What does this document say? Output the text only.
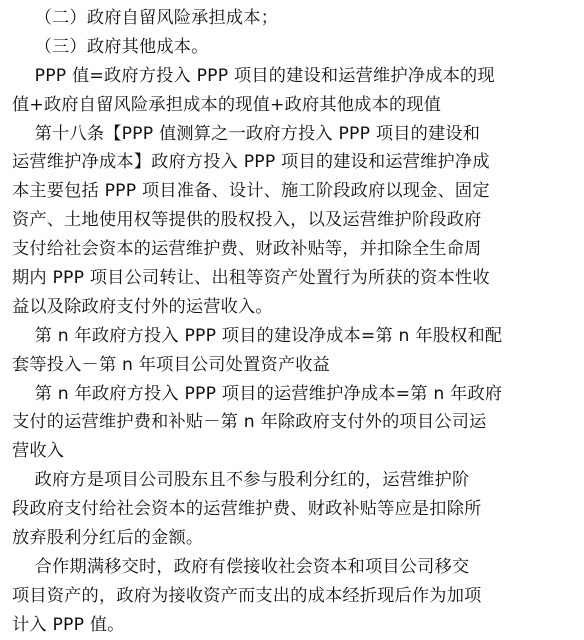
（二）政府自留风险承担成本；
（三）政府其他成本。
PPP 值=政府方投入 PPP 项目的建设和运营维护净成本的现
值+政府自留风险承担成本的现值+政府其他成本的现值
第十八条【PPP 值测算之一政府方投入 PPP 项目的建设和
运营维护净成本】政府方投入 PPP 项目的建设和运营维护净成
本主要包括 PPP 项目准备、设计、施工阶段政府以现金、固定
资产、土地使用权等提供的股权投入，以及运营维护阶段政府
支付给社会资本的运营维护费、财政补贴等，并扣除全生命周
期内 PPP 项目公司转让、出租等资产处置行为所获的资本性收
益以及除政府支付外的运营收入。
第 n 年政府方投入 PPP 项目的建设净成本=第 n 年股权和配
套等投入－第 n 年项目公司处置资产收益
第 n 年政府方投入 PPP 项目的运营维护净成本=第 n 年政府
支付的运营维护费和补贴－第 n 年除政府支付外的项目公司运
营收入
政府方是项目公司股东且不参与股利分红的，运营维护阶
段政府支付给社会资本的运营维护费、财政补贴等应是扣除所
放弃股利分红后的金额。
合作期满移交时，政府有偿接收社会资本和项目公司移交
项目资产的，政府为接收资产而支出的成本经折现后作为加项
计入 PPP 值。
